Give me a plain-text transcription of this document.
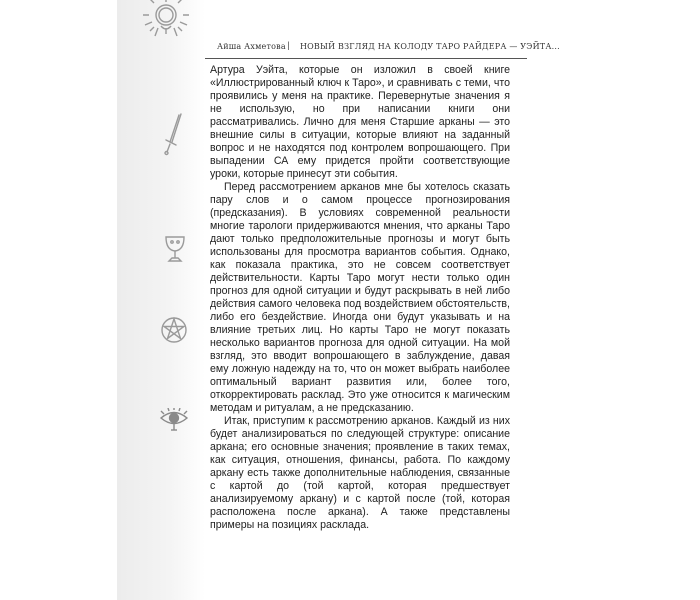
Айша Ахметова | НОВЫЙ ВЗГЛЯД НА КОЛОДУ ТАРО РАЙДЕРА — УЭЙТА...

Артура Уэйта, которые он изложил в своей книге «Иллюстрированный ключ к Таро», и сравнивать с теми, что проявились у меня на практике. Перевернутые значения я не использую, но при написании книги они рассматривались. Лично для меня Старшие арканы — это внешние силы в ситуации, которые влияют на заданный вопрос и не находятся под контролем вопрошающего. При выпадении СА ему придется пройти соответствующие уроки, которые принесут эти события.

Перед рассмотрением арканов мне бы хотелось сказать пару слов и о самом процессе прогнозирования (предсказания). В условиях современной реальности многие тарологи придерживаются мнения, что арканы Таро дают только предположительные прогнозы и могут быть использованы для просмотра вариантов события. Однако, как показала практика, это не совсем соответствует действительности. Карты Таро могут нести только один прогноз для одной ситуации и будут раскрывать в ней либо действия самого человека под воздействием обстоятельств, либо его бездействие. Иногда они будут указывать и на влияние третьих лиц. Но карты Таро не могут показать несколько вариантов прогноза для одной ситуации. На мой взгляд, это вводит вопрошающего в заблуждение, давая ему ложную надежду на то, что он может выбрать наиболее оптимальный вариант развития или, более того, откорректировать расклад. Это уже относится к магическим методам и ритуалам, а не предсказанию.

Итак, приступим к рассмотрению арканов. Каждый из них будет анализироваться по следующей структуре: описание аркана; его основные значения; проявление в таких темах, как ситуация, отношения, финансы, работа. По каждому аркану есть также дополнительные наблюдения, связанные с картой до (той картой, которая предшествует анализируемому аркану) и с картой после (той, которая расположена после аркана). А также представлены примеры на позициях расклада.
